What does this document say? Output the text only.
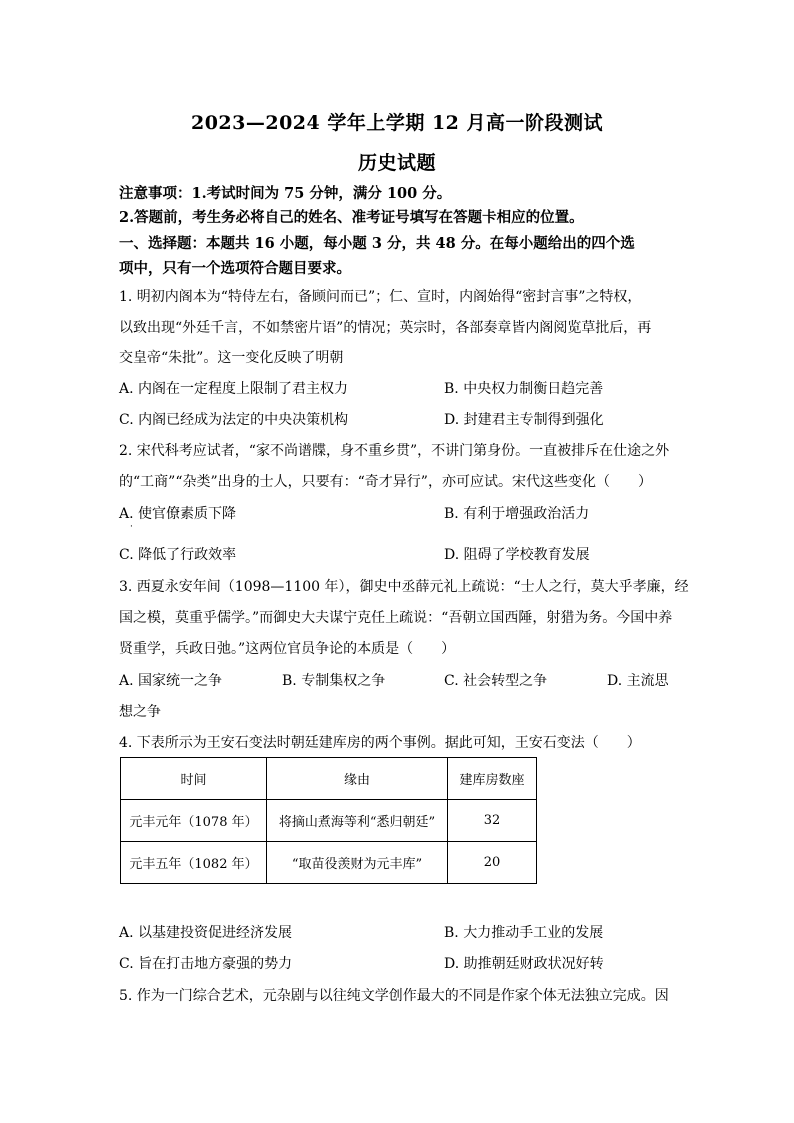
2023—2024 学年上学期 12 月高一阶段测试
历史试题
注意事项：1.考试时间为 75 分钟，满分 100 分。
2.答题前，考生务必将自己的姓名、准考证号填写在答题卡相应的位置。
一、选择题：本题共 16 小题，每小题 3 分，共 48 分。在每小题给出的四个选
项中，只有一个选项符合题目要求。
1. 明初内阁本为“特侍左右，备顾问而已”；仁、宣时，内阁始得“密封言事”之特权，
以致出现“外廷千言，不如禁密片语”的情况；英宗时，各部奏章皆内阁阅览草批后，再
交皇帝“朱批”。这一变化反映了明朝
A. 内阁在一定程度上限制了君主权力	B. 中央权力制衡日趋完善
C. 内阁已经成为法定的中央决策机构	D. 封建君主专制得到强化
2. 宋代科考应试者，“家不尚谱牒，身不重乡贯”，不讲门第身份。一直被排斥在仕途之外
的“工商”“杂类”出身的士人，只要有：“奇才异行”，亦可应试。宋代这些变化（　　）
A. 使官僚素质下降
·
B. 有利于增强政治活力
C. 降低了行政效率	D. 阻碍了学校教育发展
3. 西夏永安年间（1098—1100 年），御史中丞薛元礼上疏说：“士人之行，莫大乎孝廉，经
国之模，莫重乎儒学。”而御史大夫谋宁克任上疏说：“吾朝立国西陲，射猎为务。今国中养
贤重学，兵政日弛。”这两位官员争论的本质是（　　）
A. 国家统一之争	B. 专制集权之争	C. 社会转型之争	D. 主流思
想之争
4. 下表所示为王安石变法时朝廷建库房的两个事例。据此可知，王安石变法（　　）
时间	缘由	建库房数座
元丰元年（1078 年）	将摘山煮海等利“悉归朝廷”	32
元丰五年（1082 年）	“取苗役羡财为元丰库”	20
A. 以基建投资促进经济发展	B. 大力推动手工业的发展
C. 旨在打击地方豪强的势力	D. 助推朝廷财政状况好转
5. 作为一门综合艺术，元杂剧与以往纯文学创作最大的不同是作家个体无法独立完成。因
